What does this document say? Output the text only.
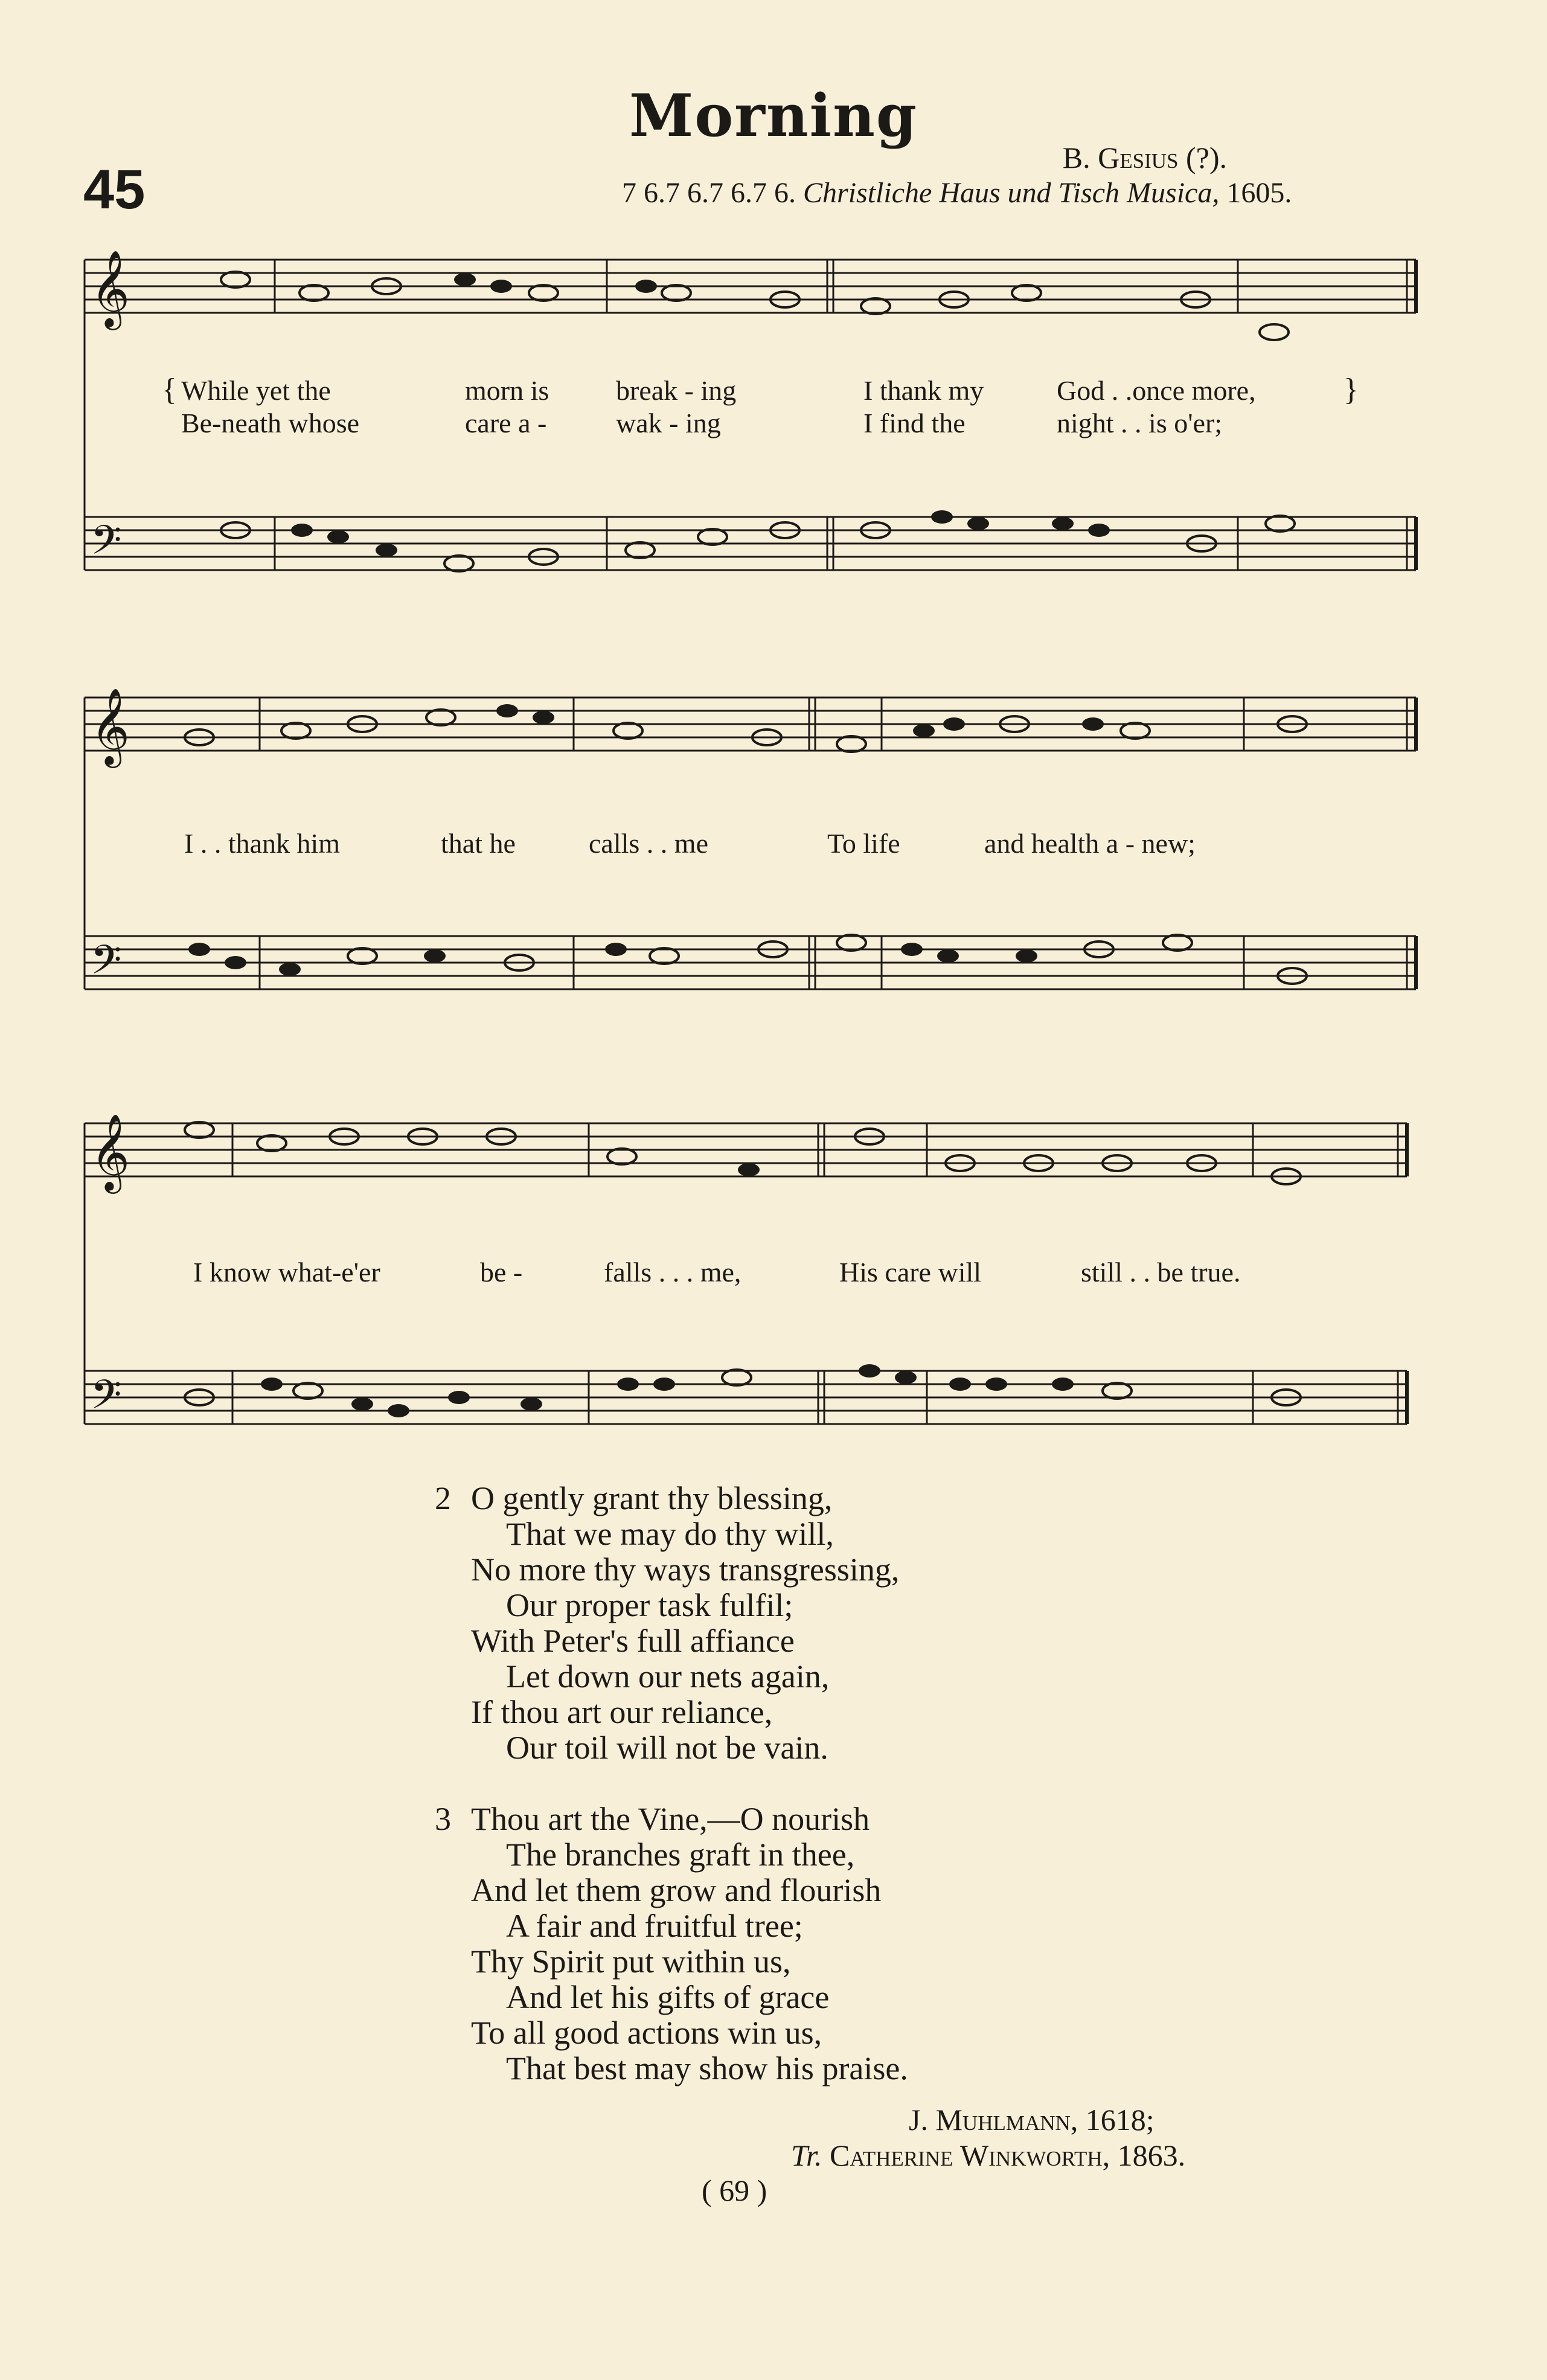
Morning
45
B. Gesius (?).
7 6.7 6.7 6.7 6. Christliche Haus und Tisch Musica, 1605.
𝄞
𝄢
{	}
While yet the	morn is break - ing	I thank my	God . .once more,
Be-neath whose	care a - wak - ing	I find the	night . . is o'er;
𝄞
𝄢
I . . thank him	that he	calls . . me	To life	and health a - new;
𝄞
𝄢
I know what-e'er	be -	falls . . . me,	His care will	still . . be true.
2 O gently grant thy blessing,
That we may do thy will,
No more thy ways transgressing,
Our proper task fulfil;
With Peter's full affiance
Let down our nets again,
If thou art our reliance,
Our toil will not be vain.
3 Thou art the Vine,—O nourish
The branches graft in thee,
And let them grow and flourish
A fair and fruitful tree;
Thy Spirit put within us,
And let his gifts of grace
To all good actions win us,
That best may show his praise.
J. Muhlmann, 1618;
Tr. Catherine Winkworth, 1863.
( 69 )
